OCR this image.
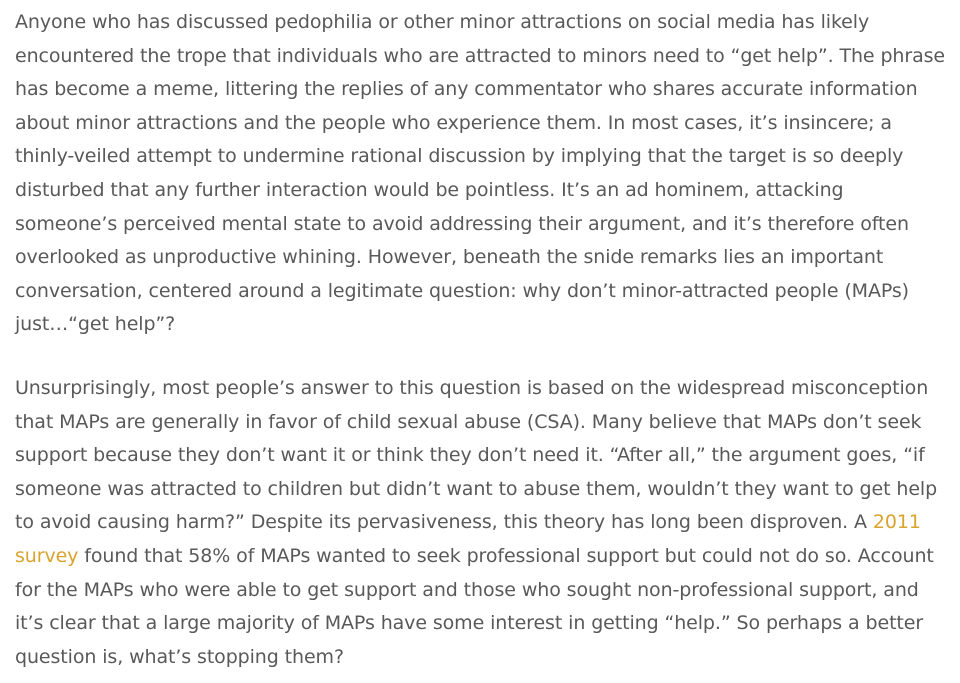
Anyone who has discussed pedophilia or other minor attractions on social media has likely encountered the trope that individuals who are attracted to minors need to “get help”. The phrase has become a meme, littering the replies of any commentator who shares accurate information about minor attractions and the people who experience them. In most cases, it’s insincere; a thinly-veiled attempt to undermine rational discussion by implying that the target is so deeply disturbed that any further interaction would be pointless. It’s an ad hominem, attacking someone’s perceived mental state to avoid addressing their argument, and it’s therefore often overlooked as unproductive whining. However, beneath the snide remarks lies an important conversation, centered around a legitimate question: why don’t minor-attracted people (MAPs) just…“get help”?

Unsurprisingly, most people’s answer to this question is based on the widespread misconception that MAPs are generally in favor of child sexual abuse (CSA). Many believe that MAPs don’t seek support because they don’t want it or think they don’t need it. “After all,” the argument goes, “if someone was attracted to children but didn’t want to abuse them, wouldn’t they want to get help to avoid causing harm?” Despite its pervasiveness, this theory has long been disproven. A 2011 survey found that 58% of MAPs wanted to seek professional support but could not do so. Account for the MAPs who were able to get support and those who sought non-professional support, and it’s clear that a large majority of MAPs have some interest in getting “help.” So perhaps a better question is, what’s stopping them?
